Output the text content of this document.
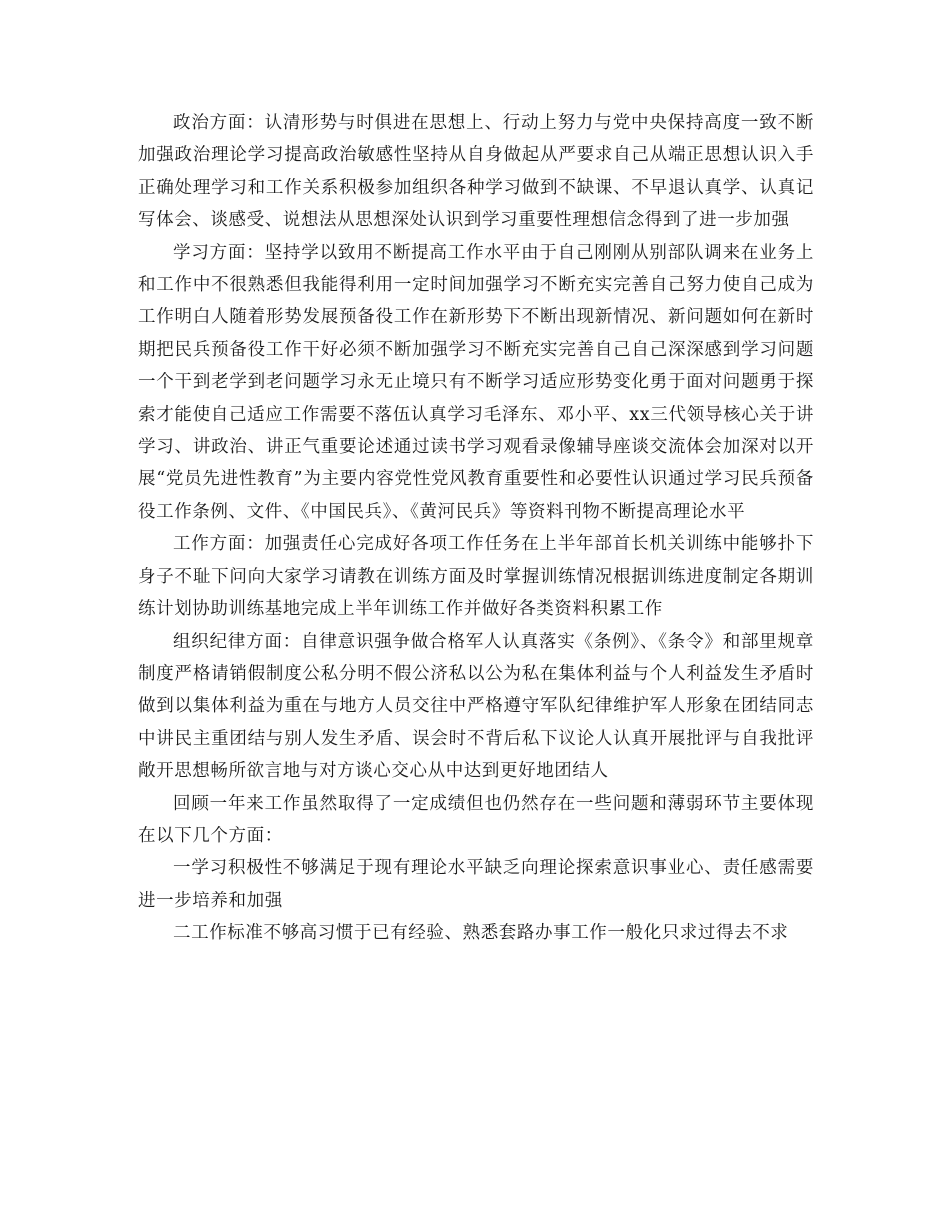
政治方面：认清形势与时俱进在思想上、行动上努力与党中央保持高度一致不断加强政治理论学习提高政治敏感性坚持从自身做起从严要求自己从端正思想认识入手正确处理学习和工作关系积极参加组织各种学习做到不缺课、不早退认真学、认真记写体会、谈感受、说想法从思想深处认识到学习重要性理想信念得到了进一步加强

学习方面：坚持学以致用不断提高工作水平由于自己刚刚从别部队调来在业务上和工作中不很熟悉但我能得利用一定时间加强学习不断充实完善自己努力使自己成为工作明白人随着形势发展预备役工作在新形势下不断出现新情况、新问题如何在新时期把民兵预备役工作干好必须不断加强学习不断充实完善自己自己深深感到学习问题一个干到老学到老问题学习永无止境只有不断学习适应形势变化勇于面对问题勇于探索才能使自己适应工作需要不落伍认真学习毛泽东、邓小平、xx三代领导核心关于讲学习、讲政治、讲正气重要论述通过读书学习观看录像辅导座谈交流体会加深对以开展“党员先进性教育”为主要内容党性党风教育重要性和必要性认识通过学习民兵预备役工作条例、文件、《中国民兵》、《黄河民兵》等资料刊物不断提高理论水平

工作方面：加强责任心完成好各项工作任务在上半年部首长机关训练中能够扑下身子不耻下问向大家学习请教在训练方面及时掌握训练情况根据训练进度制定各期训练计划协助训练基地完成上半年训练工作并做好各类资料积累工作

组织纪律方面：自律意识强争做合格军人认真落实《条例》、《条令》和部里规章制度严格请销假制度公私分明不假公济私以公为私在集体利益与个人利益发生矛盾时做到以集体利益为重在与地方人员交往中严格遵守军队纪律维护军人形象在团结同志中讲民主重团结与别人发生矛盾、误会时不背后私下议论人认真开展批评与自我批评敞开思想畅所欲言地与对方谈心交心从中达到更好地团结人

回顾一年来工作虽然取得了一定成绩但也仍然存在一些问题和薄弱环节主要体现在以下几个方面：

一学习积极性不够满足于现有理论水平缺乏向理论探索意识事业心、责任感需要进一步培养和加强

二工作标准不够高习惯于已有经验、熟悉套路办事工作一般化只求过得去不求
